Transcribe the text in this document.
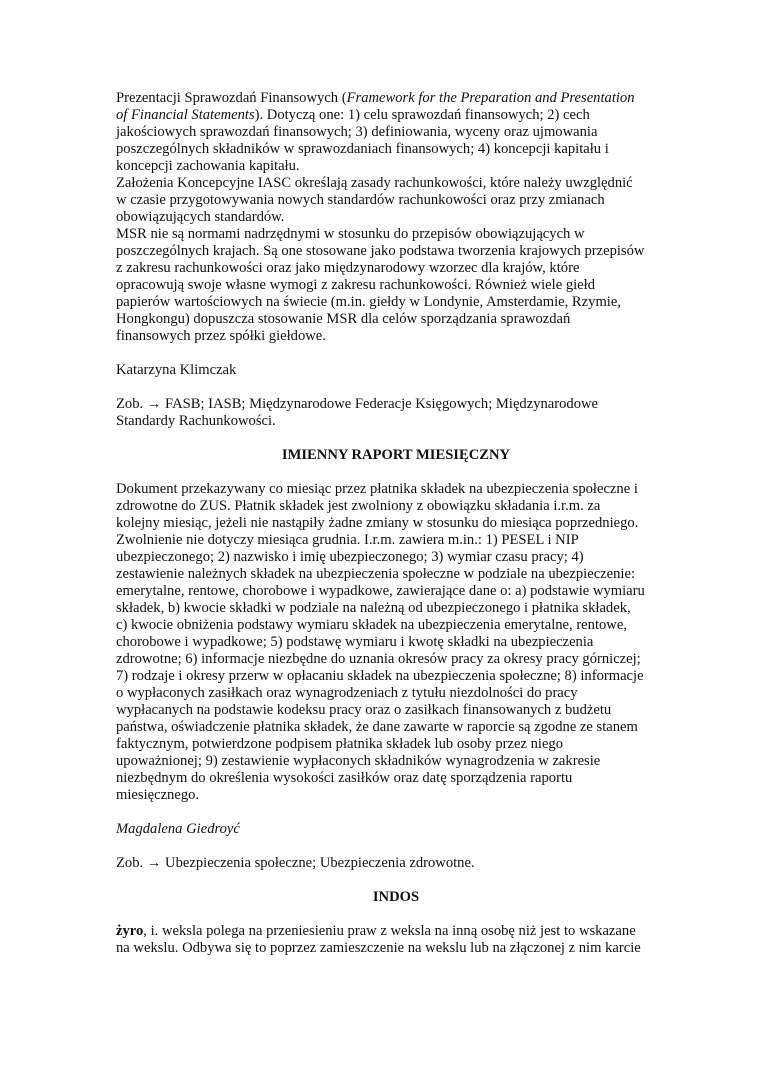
Prezentacji Sprawozdań Finansowych (Framework for the Preparation and Presentation
of Financial Statements). Dotyczą one: 1) celu sprawozdań finansowych; 2) cech
jakościowych sprawozdań finansowych; 3) definiowania, wyceny oraz ujmowania
poszczególnych składników w sprawozdaniach finansowych; 4) koncepcji kapitału i
koncepcji zachowania kapitału.
Założenia Koncepcyjne IASC określają zasady rachunkowości, które należy uwzględnić
w czasie przygotowywania nowych standardów rachunkowości oraz przy zmianach
obowiązujących standardów.
MSR nie są normami nadrzędnymi w stosunku do przepisów obowiązujących w
poszczególnych krajach. Są one stosowane jako podstawa tworzenia krajowych przepisów
z zakresu rachunkowości oraz jako międzynarodowy wzorzec dla krajów, które
opracowują swoje własne wymogi z zakresu rachunkowości. Również wiele giełd
papierów wartościowych na świecie (m.in. giełdy w Londynie, Amsterdamie, Rzymie,
Hongkongu) dopuszcza stosowanie MSR dla celów sporządzania sprawozdań
finansowych przez spółki giełdowe.
Katarzyna Klimczak
Zob. → FASB; IASB; Międzynarodowe Federacje Księgowych; Międzynarodowe
Standardy Rachunkowości.
IMIENNY RAPORT MIESIĘCZNY
Dokument przekazywany co miesiąc przez płatnika składek na ubezpieczenia społeczne i
zdrowotne do ZUS. Płatnik składek jest zwolniony z obowiązku składania i.r.m. za
kolejny miesiąc, jeżeli nie nastąpiły żadne zmiany w stosunku do miesiąca poprzedniego.
Zwolnienie nie dotyczy miesiąca grudnia. I.r.m. zawiera m.in.: 1) PESEL i NIP
ubezpieczonego; 2) nazwisko i imię ubezpieczonego; 3) wymiar czasu pracy; 4)
zestawienie należnych składek na ubezpieczenia społeczne w podziale na ubezpieczenie:
emerytalne, rentowe, chorobowe i wypadkowe, zawierające dane o: a) podstawie wymiaru
składek, b) kwocie składki w podziale na należną od ubezpieczonego i płatnika składek,
c) kwocie obniżenia podstawy wymiaru składek na ubezpieczenia emerytalne, rentowe,
chorobowe i wypadkowe; 5) podstawę wymiaru i kwotę składki na ubezpieczenia
zdrowotne; 6) informacje niezbędne do uznania okresów pracy za okresy pracy górniczej;
7) rodzaje i okresy przerw w opłacaniu składek na ubezpieczenia społeczne; 8) informacje
o wypłaconych zasiłkach oraz wynagrodzeniach z tytułu niezdolności do pracy
wypłacanych na podstawie kodeksu pracy oraz o zasiłkach finansowanych z budżetu
państwa, oświadczenie płatnika składek, że dane zawarte w raporcie są zgodne ze stanem
faktycznym, potwierdzone podpisem płatnika składek lub osoby przez niego
upoważnionej; 9) zestawienie wypłaconych składników wynagrodzenia w zakresie
niezbędnym do określenia wysokości zasiłków oraz datę sporządzenia raportu
miesięcznego.
Magdalena Giedroyć
Zob. → Ubezpieczenia społeczne; Ubezpieczenia zdrowotne.
INDOS
żyro, i. weksla polega na przeniesieniu praw z weksla na inną osobę niż jest to wskazane
na wekslu. Odbywa się to poprzez zamieszczenie na wekslu lub na złączonej z nim karcie
